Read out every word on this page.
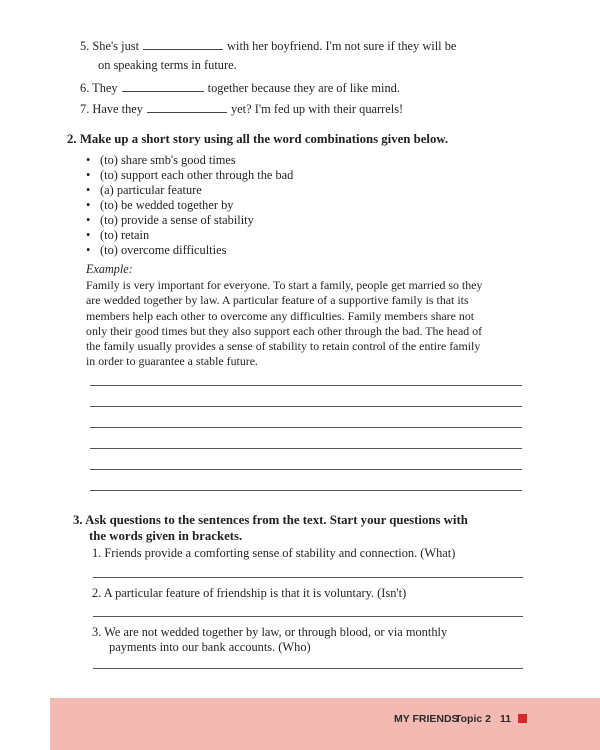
5. She's just	with her boyfriend. I'm not sure if they will be
on speaking terms in future.
6. They	together because they are of like mind.
7. Have they	yet? I'm fed up with their quarrels!
2. Make up a short story using all the word combinations given below.
• (to) share smb's good times
• (to) support each other through the bad
• (a) particular feature
• (to) be wedded together by
• (to) provide a sense of stability
• (to) retain
• (to) overcome difficulties
Example:
Family is very important for everyone. To start a family, people get married so they
are wedded together by law. A particular feature of a supportive family is that its
members help each other to overcome any difficulties. Family members share not
only their good times but they also support each other through the bad. The head of
the family usually provides a sense of stability to retain control of the entire family
in order to guarantee a stable future.
3. Ask questions to the sentences from the text. Start your questions with
the words given in brackets.
1. Friends provide a comforting sense of stability and connection. (What)
2. A particular feature of friendship is that it is voluntary. (Isn't)
3. We are not wedded together by law, or through blood, or via monthly
payments into our bank accounts. (Who)
MY FRIENDS
Topic 2 11
